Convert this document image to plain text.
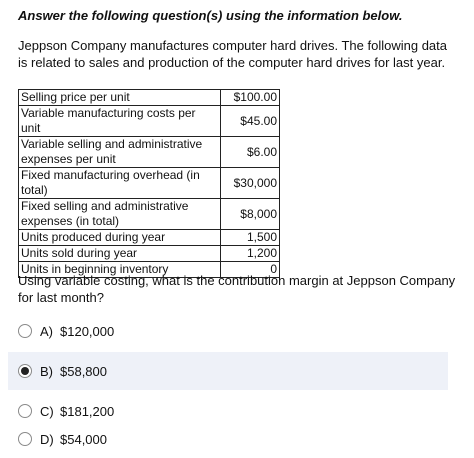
Answer the following question(s) using the information below.
Jeppson Company manufactures computer hard drives. The following data is related to sales and production of the computer hard drives for last year.
Selling price per unit	$100.00
Variable manufacturing costs per unit	$45.00
Variable selling and administrative expenses per unit	$6.00
Fixed manufacturing overhead (in total)	$30,000
Fixed selling and administrative expenses (in total)	$8,000
Units produced during year	1,500
Units sold during year	1,200
Units in beginning inventory	0
Using variable costing, what is the contribution margin at Jeppson Company for last month?
A) $120,000
B) $58,800
C) $181,200
D) $54,000
